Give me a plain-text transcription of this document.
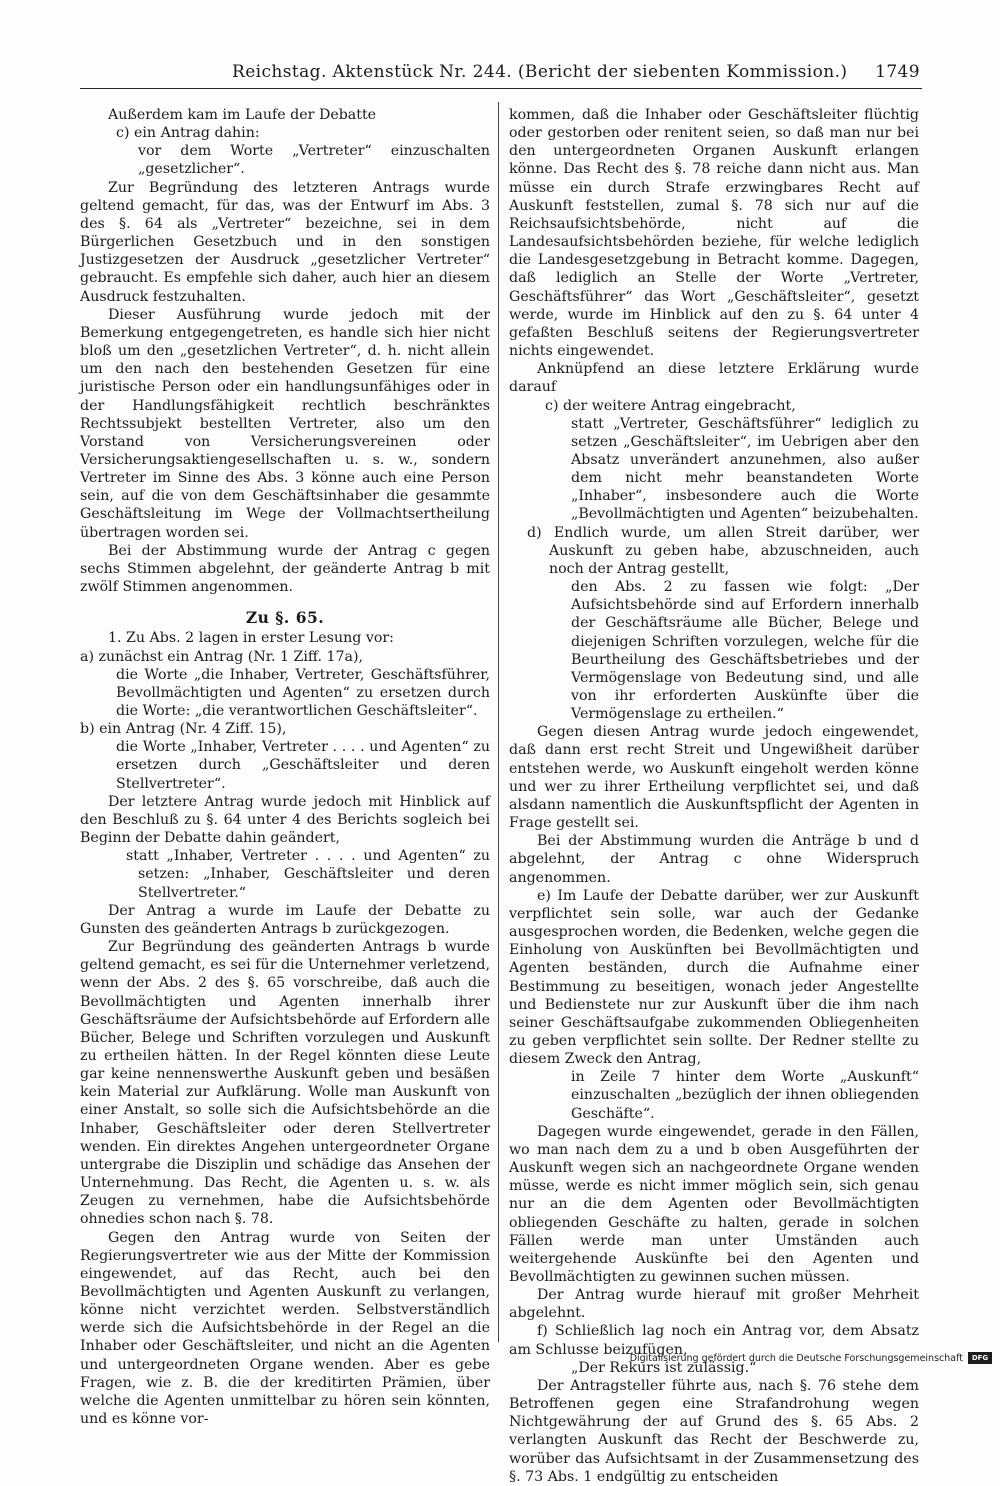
Reichstag. Aktenstück Nr. 244. (Bericht der siebenten Kommission.) 1749

Außerdem kam im Laufe der Debatte

c) ein Antrag dahin:

vor dem Worte „Vertreter“ einzuschalten „gesetzlicher“.

Zur Begründung des letzteren Antrags wurde geltend gemacht, für das, was der Entwurf im Abs. 3 des §. 64 als „Vertreter“ bezeichne, sei in dem Bürgerlichen Gesetzbuch und in den sonstigen Justizgesetzen der Ausdruck „gesetzlicher Vertreter“ gebraucht. Es empfehle sich daher, auch hier an diesem Ausdruck festzuhalten.

Dieser Ausführung wurde jedoch mit der Bemerkung entgegengetreten, es handle sich hier nicht bloß um den „gesetzlichen Vertreter“, d. h. nicht allein um den nach den bestehenden Gesetzen für eine juristische Person oder ein handlungsunfähiges oder in der Handlungsfähigkeit rechtlich beschränktes Rechtssubjekt bestellten Vertreter, also um den Vorstand von Versicherungsvereinen oder Versicherungsaktiengesellschaften u. s. w., sondern Vertreter im Sinne des Abs. 3 könne auch eine Person sein, auf die von dem Geschäftsinhaber die gesammte Geschäftsleitung im Wege der Vollmachtsertheilung übertragen worden sei.

Bei der Abstimmung wurde der Antrag c gegen sechs Stimmen abgelehnt, der geänderte Antrag b mit zwölf Stimmen angenommen.

Zu §. 65.

1. Zu Abs. 2 lagen in erster Lesung vor:

a) zunächst ein Antrag (Nr. 1 Ziff. 17a),

die Worte „die Inhaber, Vertreter, Geschäftsführer, Bevollmächtigten und Agenten“ zu ersetzen durch die Worte: „die verantwortlichen Geschäftsleiter“.

b) ein Antrag (Nr. 4 Ziff. 15),

die Worte „Inhaber, Vertreter . . . . und Agenten“ zu ersetzen durch „Geschäftsleiter und deren Stellvertreter“.

Der letztere Antrag wurde jedoch mit Hinblick auf den Beschluß zu §. 64 unter 4 des Berichts sogleich bei Beginn der Debatte dahin geändert,

statt „Inhaber, Vertreter . . . . und Agenten“ zu setzen: „Inhaber, Geschäftsleiter und deren Stellvertreter.“

Der Antrag a wurde im Laufe der Debatte zu Gunsten des geänderten Antrags b zurückgezogen.

Zur Begründung des geänderten Antrags b wurde geltend gemacht, es sei für die Unternehmer verletzend, wenn der Abs. 2 des §. 65 vorschreibe, daß auch die Bevollmächtigten und Agenten innerhalb ihrer Geschäftsräume der Aufsichtsbehörde auf Erfordern alle Bücher, Belege und Schriften vorzulegen und Auskunft zu ertheilen hätten. In der Regel könnten diese Leute gar keine nennenswerthe Auskunft geben und besäßen kein Material zur Aufklärung. Wolle man Auskunft von einer Anstalt, so solle sich die Aufsichtsbehörde an die Inhaber, Geschäftsleiter oder deren Stellvertreter wenden. Ein direktes Angehen untergeordneter Organe untergrabe die Disziplin und schädige das Ansehen der Unternehmung. Das Recht, die Agenten u. s. w. als Zeugen zu vernehmen, habe die Aufsichtsbehörde ohnedies schon nach §. 78.

Gegen den Antrag wurde von Seiten der Regierungsvertreter wie aus der Mitte der Kommission eingewendet, auf das Recht, auch bei den Bevollmächtigten und Agenten Auskunft zu verlangen, könne nicht verzichtet werden. Selbstverständlich werde sich die Aufsichtsbehörde in der Regel an die Inhaber oder Geschäftsleiter, und nicht an die Agenten und untergeordneten Organe wenden. Aber es gebe Fragen, wie z. B. die der kreditirten Prämien, über welche die Agenten unmittelbar zu hören sein könnten, und es könne vor-

kommen, daß die Inhaber oder Geschäftsleiter flüchtig oder gestorben oder renitent seien, so daß man nur bei den untergeordneten Organen Auskunft erlangen könne. Das Recht des §. 78 reiche dann nicht aus. Man müsse ein durch Strafe erzwingbares Recht auf Auskunft feststellen, zumal §. 78 sich nur auf die Reichsaufsichtsbehörde, nicht auf die Landesaufsichtsbehörden beziehe, für welche lediglich die Landesgesetzgebung in Betracht komme. Dagegen, daß lediglich an Stelle der Worte „Vertreter, Geschäftsführer“ das Wort „Geschäftsleiter“, gesetzt werde, wurde im Hinblick auf den zu §. 64 unter 4 gefaßten Beschluß seitens der Regierungsvertreter nichts eingewendet.

Anknüpfend an diese letztere Erklärung wurde darauf

c) der weitere Antrag eingebracht,

statt „Vertreter, Geschäftsführer“ lediglich zu setzen „Geschäftsleiter“, im Uebrigen aber den Absatz unverändert anzunehmen, also außer dem nicht mehr beanstandeten Worte „Inhaber“, insbesondere auch die Worte „Bevollmächtigten und Agenten“ beizubehalten.

d) Endlich wurde, um allen Streit darüber, wer Auskunft zu geben habe, abzuschneiden, auch noch der Antrag gestellt,

den Abs. 2 zu fassen wie folgt: „Der Aufsichtsbehörde sind auf Erfordern innerhalb der Geschäftsräume alle Bücher, Belege und diejenigen Schriften vorzulegen, welche für die Beurtheilung des Geschäftsbetriebes und der Vermögenslage von Bedeutung sind, und alle von ihr erforderten Auskünfte über die Vermögenslage zu ertheilen.“

Gegen diesen Antrag wurde jedoch eingewendet, daß dann erst recht Streit und Ungewißheit darüber entstehen werde, wo Auskunft eingeholt werden könne und wer zu ihrer Ertheilung verpflichtet sei, und daß alsdann namentlich die Auskunftspflicht der Agenten in Frage gestellt sei.

Bei der Abstimmung wurden die Anträge b und d abgelehnt, der Antrag c ohne Widerspruch angenommen.

e) Im Laufe der Debatte darüber, wer zur Auskunft verpflichtet sein solle, war auch der Gedanke ausgesprochen worden, die Bedenken, welche gegen die Einholung von Auskünften bei Bevollmächtigten und Agenten beständen, durch die Aufnahme einer Bestimmung zu beseitigen, wonach jeder Angestellte und Bedienstete nur zur Auskunft über die ihm nach seiner Geschäftsaufgabe zukommenden Obliegenheiten zu geben verpflichtet sein sollte. Der Redner stellte zu diesem Zweck den Antrag,

in Zeile 7 hinter dem Worte „Auskunft“ einzuschalten „bezüglich der ihnen obliegenden Geschäfte“.

Dagegen wurde eingewendet, gerade in den Fällen, wo man nach dem zu a und b oben Ausgeführten der Auskunft wegen sich an nachgeordnete Organe wenden müsse, werde es nicht immer möglich sein, sich genau nur an die dem Agenten oder Bevollmächtigten obliegenden Geschäfte zu halten, gerade in solchen Fällen werde man unter Umständen auch weitergehende Auskünfte bei den Agenten und Bevollmächtigten zu gewinnen suchen müssen.

Der Antrag wurde hierauf mit großer Mehrheit abgelehnt.

f) Schließlich lag noch ein Antrag vor, dem Absatz am Schlusse beizufügen,

„Der Rekurs ist zulässig.“

Der Antragsteller führte aus, nach §. 76 stehe dem Betroffenen gegen eine Strafandrohung wegen Nichtgewährung der auf Grund des §. 65 Abs. 2 verlangten Auskunft das Recht der Beschwerde zu, worüber das Aufsichtsamt in der Zusammensetzung des §. 73 Abs. 1 endgültig zu entscheiden

Digitalisierung gefördert durch die Deutsche Forschungsgemeinschaft	DFG
